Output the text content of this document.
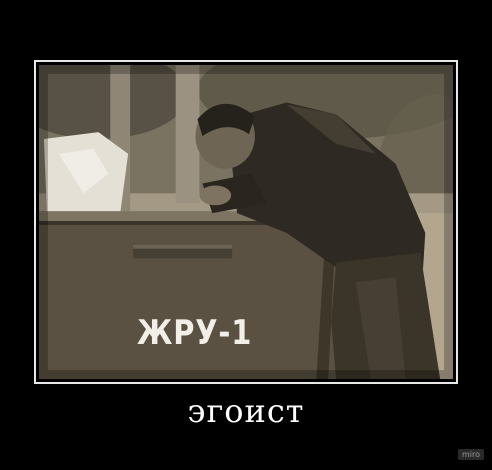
ЖРУ-1
эгоист
miro
